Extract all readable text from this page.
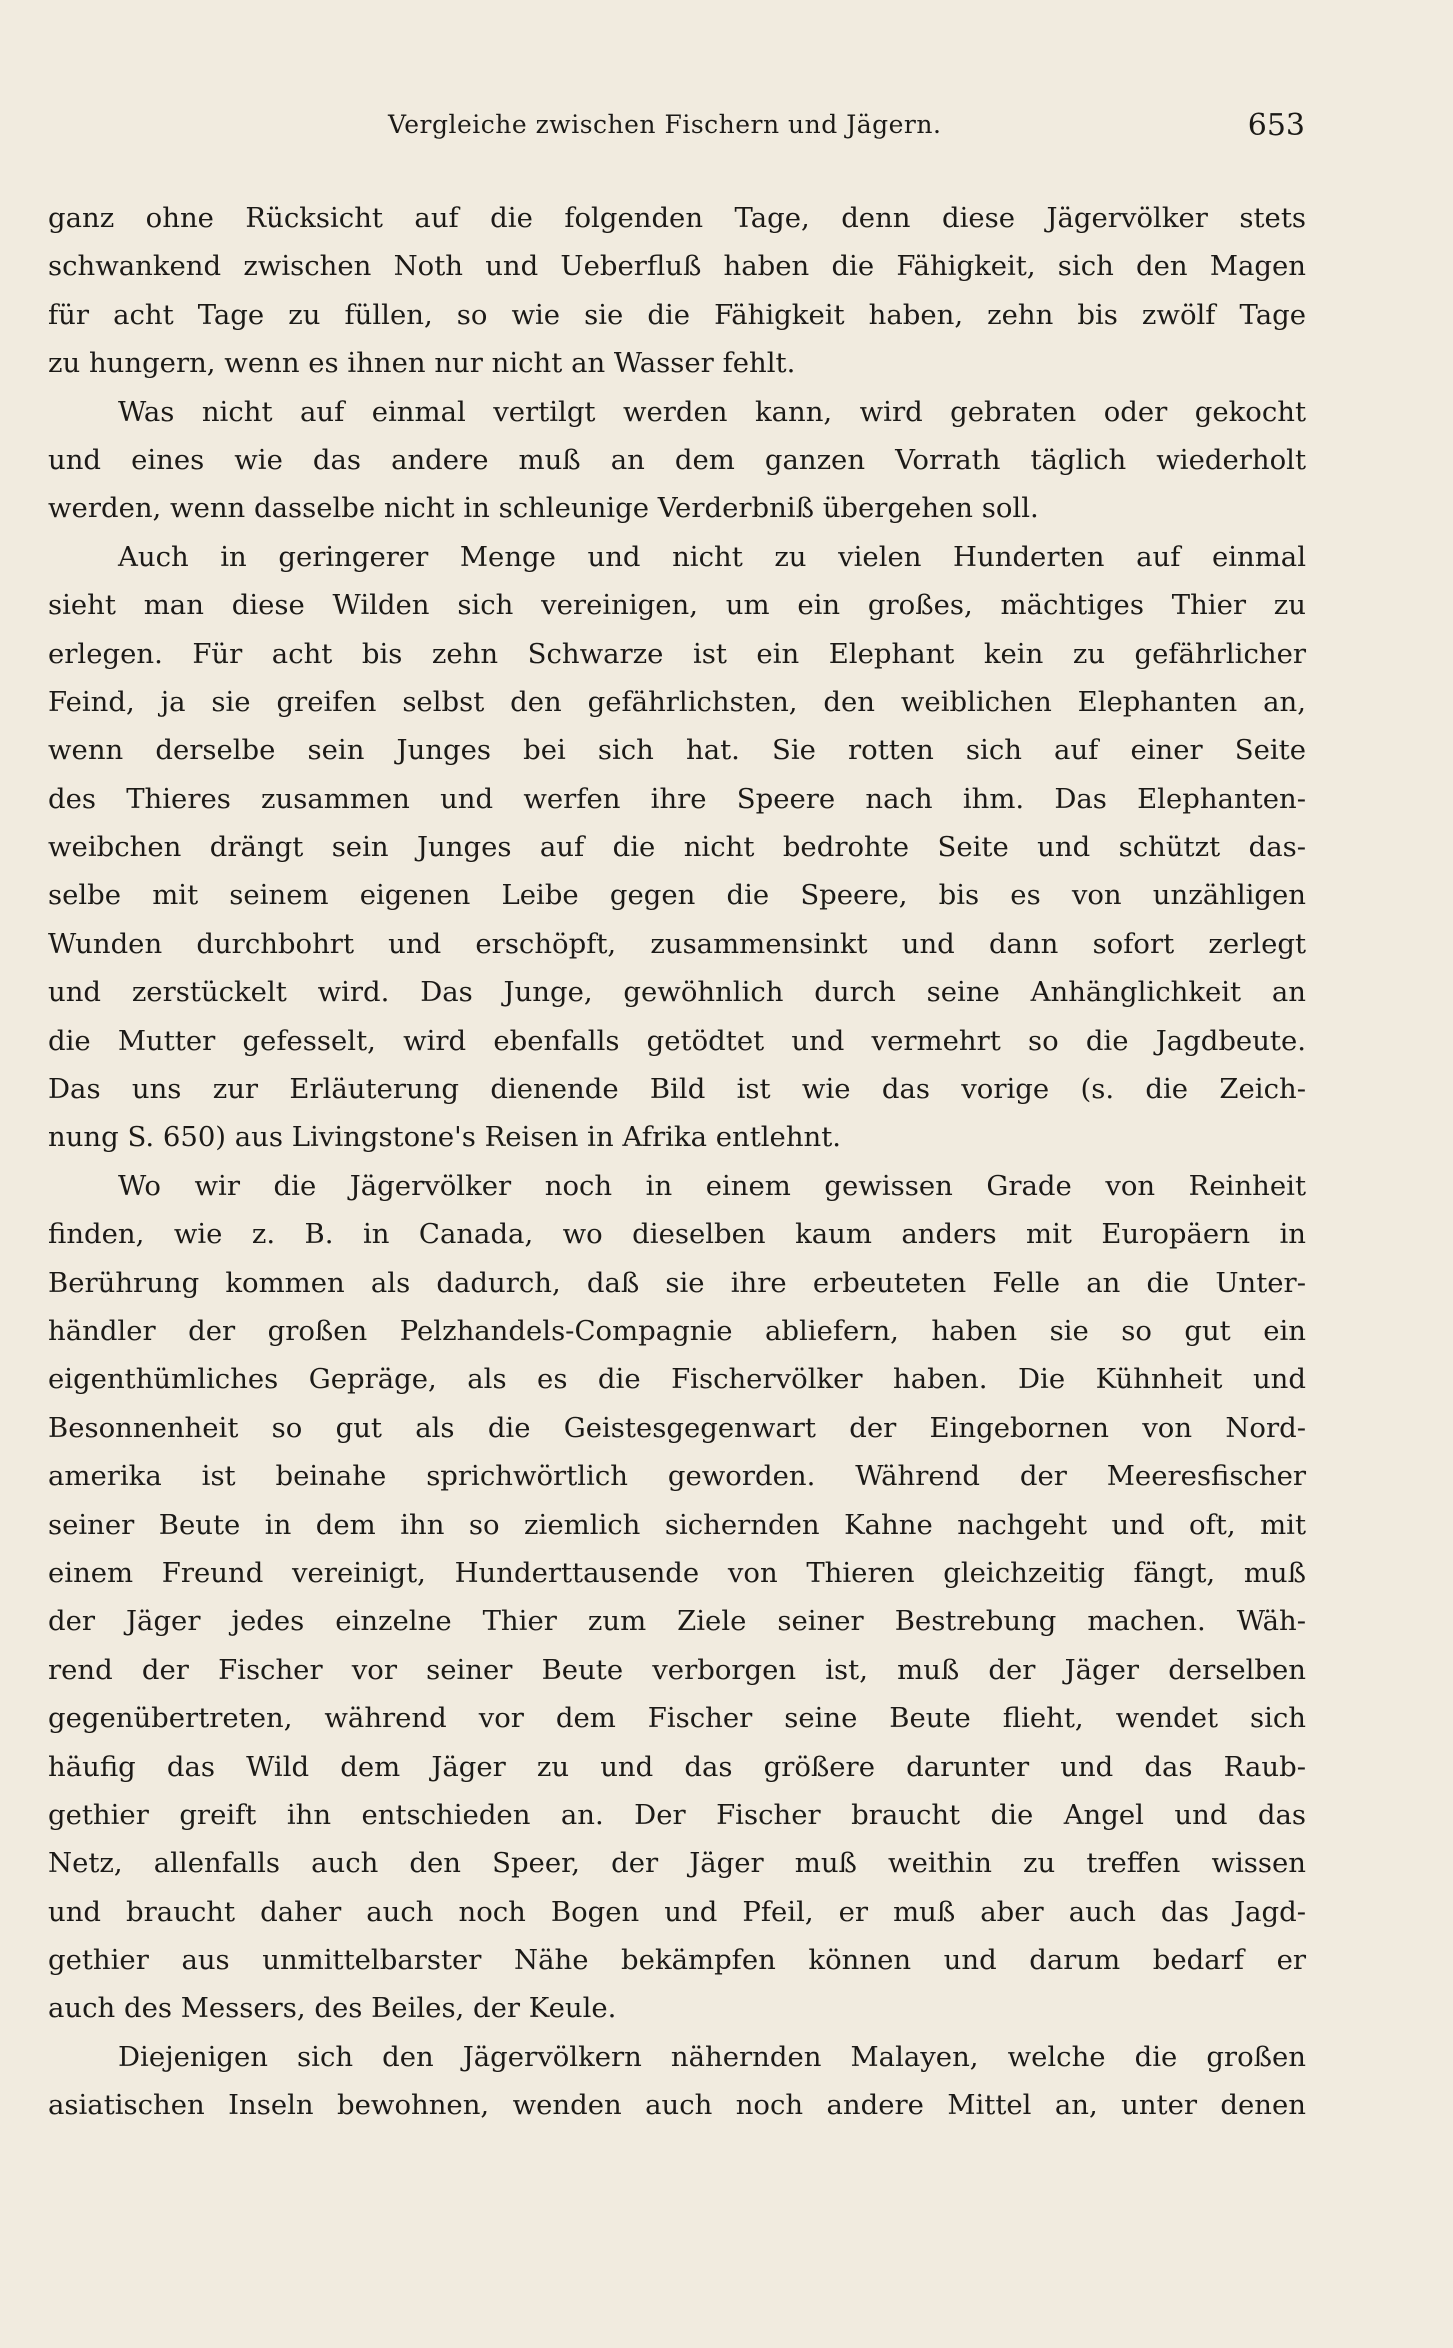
Vergleiche zwischen Fischern und Jägern.	653
ganz ohne Rücksicht auf die folgenden Tage, denn diese Jägervölker stets
schwankend zwischen Noth und Ueberfluß haben die Fähigkeit, sich den Magen
für acht Tage zu füllen, so wie sie die Fähigkeit haben, zehn bis zwölf Tage
zu hungern, wenn es ihnen nur nicht an Wasser fehlt.
Was nicht auf einmal vertilgt werden kann, wird gebraten oder gekocht
und eines wie das andere muß an dem ganzen Vorrath täglich wiederholt
werden, wenn dasselbe nicht in schleunige Verderbniß übergehen soll.
Auch in geringerer Menge und nicht zu vielen Hunderten auf einmal
sieht man diese Wilden sich vereinigen, um ein großes, mächtiges Thier zu
erlegen. Für acht bis zehn Schwarze ist ein Elephant kein zu gefährlicher
Feind, ja sie greifen selbst den gefährlichsten, den weiblichen Elephanten an,
wenn derselbe sein Junges bei sich hat. Sie rotten sich auf einer Seite
des Thieres zusammen und werfen ihre Speere nach ihm. Das Elephanten-
weibchen drängt sein Junges auf die nicht bedrohte Seite und schützt das-
selbe mit seinem eigenen Leibe gegen die Speere, bis es von unzähligen
Wunden durchbohrt und erschöpft, zusammensinkt und dann sofort zerlegt
und zerstückelt wird. Das Junge, gewöhnlich durch seine Anhänglichkeit an
die Mutter gefesselt, wird ebenfalls getödtet und vermehrt so die Jagdbeute.
Das uns zur Erläuterung dienende Bild ist wie das vorige (s. die Zeich-
nung S. 650) aus Livingstone's Reisen in Afrika entlehnt.
Wo wir die Jägervölker noch in einem gewissen Grade von Reinheit
finden, wie z. B. in Canada, wo dieselben kaum anders mit Europäern in
Berührung kommen als dadurch, daß sie ihre erbeuteten Felle an die Unter-
händler der großen Pelzhandels-Compagnie abliefern, haben sie so gut ein
eigenthümliches Gepräge, als es die Fischervölker haben. Die Kühnheit und
Besonnenheit so gut als die Geistesgegenwart der Eingebornen von Nord-
amerika ist beinahe sprichwörtlich geworden. Während der Meeresfischer
seiner Beute in dem ihn so ziemlich sichernden Kahne nachgeht und oft, mit
einem Freund vereinigt, Hunderttausende von Thieren gleichzeitig fängt, muß
der Jäger jedes einzelne Thier zum Ziele seiner Bestrebung machen. Wäh-
rend der Fischer vor seiner Beute verborgen ist, muß der Jäger derselben
gegenübertreten, während vor dem Fischer seine Beute flieht, wendet sich
häufig das Wild dem Jäger zu und das größere darunter und das Raub-
gethier greift ihn entschieden an. Der Fischer braucht die Angel und das
Netz, allenfalls auch den Speer, der Jäger muß weithin zu treffen wissen
und braucht daher auch noch Bogen und Pfeil, er muß aber auch das Jagd-
gethier aus unmittelbarster Nähe bekämpfen können und darum bedarf er
auch des Messers, des Beiles, der Keule.
Diejenigen sich den Jägervölkern nähernden Malayen, welche die großen
asiatischen Inseln bewohnen, wenden auch noch andere Mittel an, unter denen
